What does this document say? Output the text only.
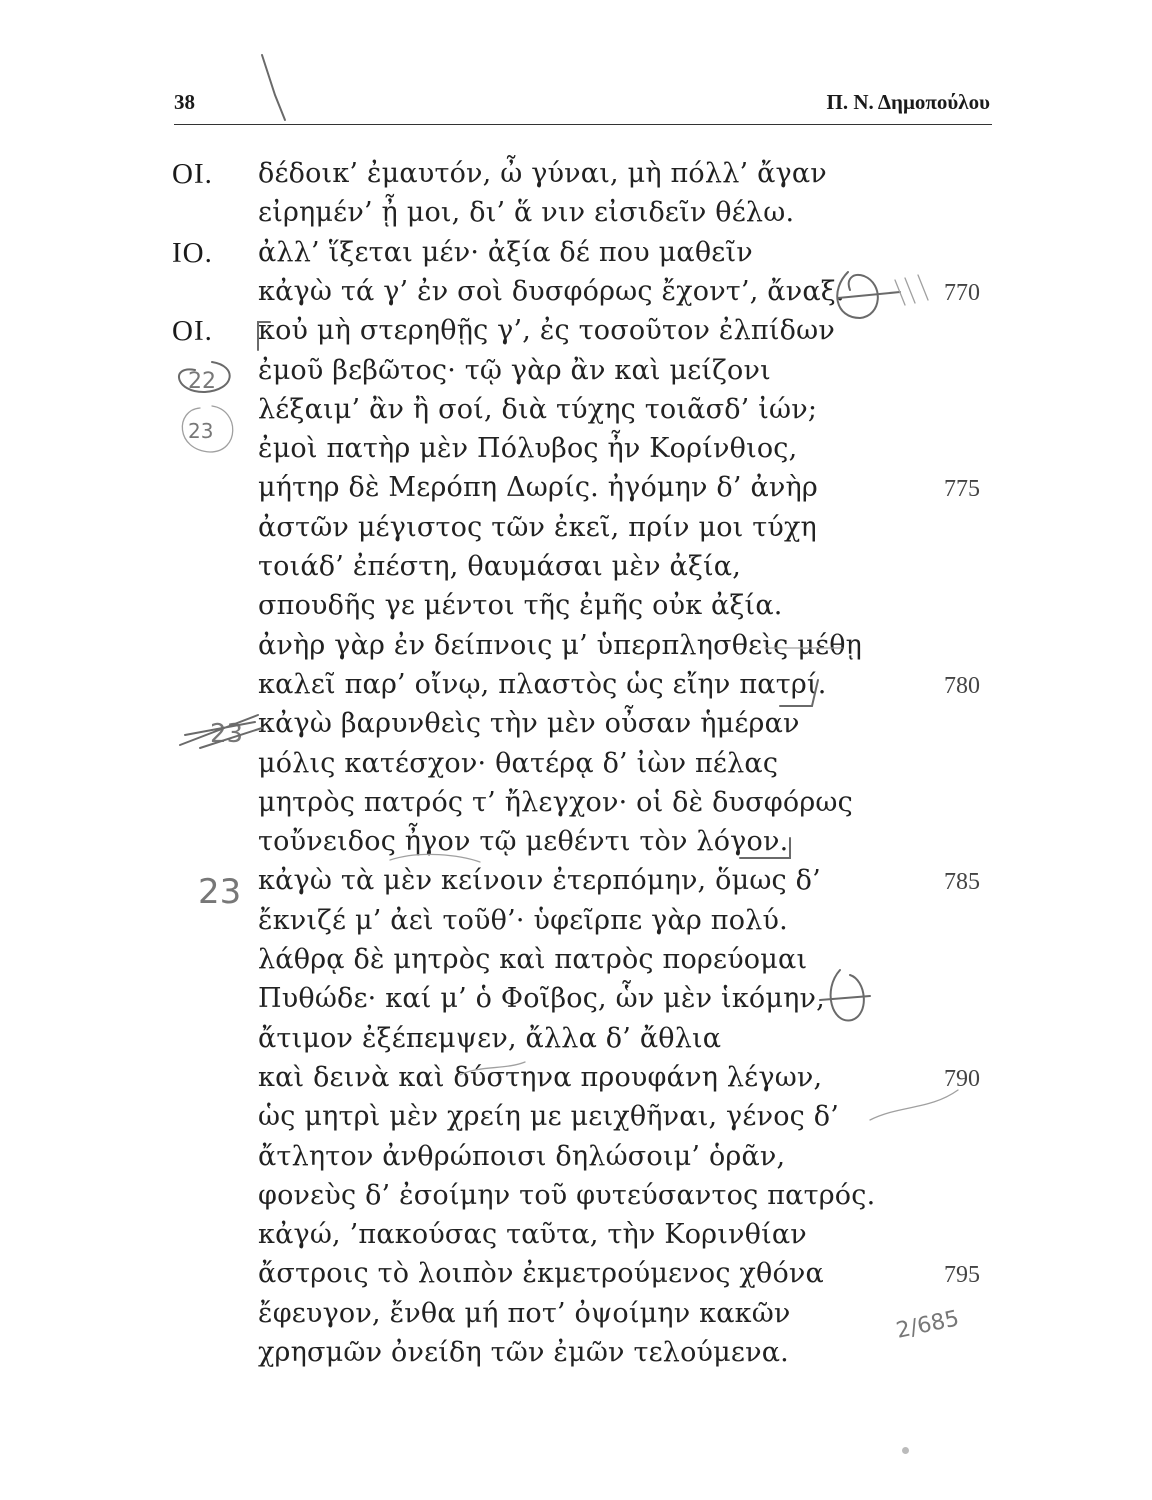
38	Π. Ν. Δημοπούλου
ΟΙ. δέδοικ’ ἐμαυτόν, ὦ γύναι, μὴ πόλλ’ ἄγαν
εἰρημέν’ ᾖ μοι, δι’ ἅ νιν εἰσιδεῖν θέλω.
ΙΟ. ἀλλ’ ἵξεται μέν· ἀξία δέ που μαθεῖν
κἀγὼ τά γ’ ἐν σοὶ δυσφόρως ἔχοντ’, ἄναξ.	770
ΟΙ. κοὐ μὴ στερηθῇς γ’, ἐς τοσοῦτον ἐλπίδων
ἐμοῦ βεβῶτος· τῷ γὰρ ἂν καὶ μείζονι
λέξαιμ’ ἂν ἢ σοί, διὰ τύχης τοιᾶσδ’ ἰών;
ἐμοὶ πατὴρ μὲν Πόλυβος ἦν Κορίνθιος,
μήτηρ δὲ Μερόπη Δωρίς. ἠγόμην δ’ ἀνὴρ	775
ἀστῶν μέγιστος τῶν ἐκεῖ, πρίν μοι τύχη
τοιάδ’ ἐπέστη, θαυμάσαι μὲν ἀξία,
σπουδῆς γε μέντοι τῆς ἐμῆς οὐκ ἀξία.
ἀνὴρ γὰρ ἐν δείπνοις μ’ ὑπερπλησθεὶς μέθῃ
καλεῖ παρ’ οἴνῳ, πλαστὸς ὡς εἴην πατρί.	780
κἀγὼ βαρυνθεὶς τὴν μὲν οὖσαν ἡμέραν
μόλις κατέσχον· θατέρᾳ δ’ ἰὼν πέλας
μητρὸς πατρός τ’ ἤλεγχον· οἱ δὲ δυσφόρως
τοὔνειδος ἦγον τῷ μεθέντι τὸν λόγον.
κἀγὼ τὰ μὲν κείνοιν ἐτερπόμην, ὅμως δ’	785
ἔκνιζέ μ’ ἀεὶ τοῦθ’· ὑφεῖρπε γὰρ πολύ.
λάθρᾳ δὲ μητρὸς καὶ πατρὸς πορεύομαι
Πυθώδε· καί μ’ ὁ Φοῖβος, ὧν μὲν ἱκόμην,
ἄτιμον ἐξέπεμψεν, ἄλλα δ’ ἄθλια
καὶ δεινὰ καὶ δύστηνα προυφάνη λέγων,	790
ὡς μητρὶ μὲν χρείη με μειχθῆναι, γένος δ’
ἄτλητον ἀνθρώποισι δηλώσοιμ’ ὁρᾶν,
φονεὺς δ’ ἐσοίμην τοῦ φυτεύσαντος πατρός.
κἀγώ, ’πακούσας ταῦτα, τὴν Κορινθίαν
ἄστροις τὸ λοιπὸν ἐκμετρούμενος χθόνα	795
ἔφευγον, ἔνθα μή ποτ’ ὀψοίμην κακῶν
χρησμῶν ὀνείδη τῶν ἐμῶν τελούμενα.
22
23
23
23
2/685
